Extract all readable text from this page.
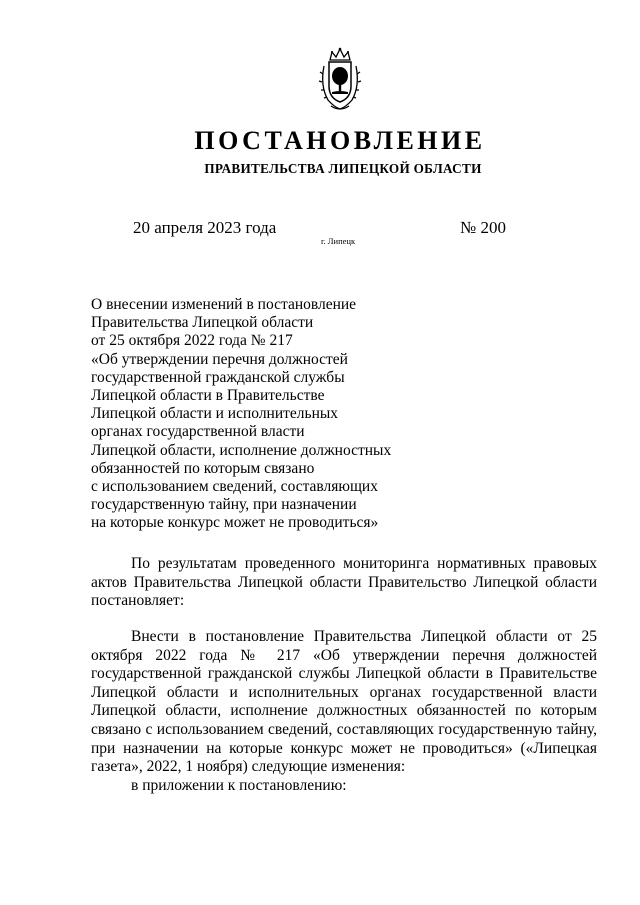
ПОСТАНОВЛЕНИЕ
ПРАВИТЕЛЬСТВА ЛИПЕЦКОЙ ОБЛАСТИ
20 апреля 2023 года
г. Липецк
№ 200
О внесении изменений в постановление
Правительства Липецкой области
от 25 октября 2022 года № 217
«Об утверждении перечня должностей
государственной гражданской службы
Липецкой области в Правительстве
Липецкой области и исполнительных
органах государственной власти
Липецкой области, исполнение должностных
обязанностей по которым связано
с использованием сведений, составляющих
государственную тайну, при назначении
на которые конкурс может не проводиться»
По результатам проведенного мониторинга нормативных правовых актов Правительства Липецкой области Правительство Липецкой области постановляет:
Внести в постановление Правительства Липецкой области от 25 октября 2022 года № 217 «Об утверждении перечня должностей государственной гражданской службы Липецкой области в Правительстве Липецкой области и исполнительных органах государственной власти Липецкой области, исполнение должностных обязанностей по которым связано с использованием сведений, составляющих государственную тайну, при назначении на которые конкурс может не проводиться» («Липецкая газета», 2022, 1 ноября) следующие изменения:
в приложении к постановлению:
